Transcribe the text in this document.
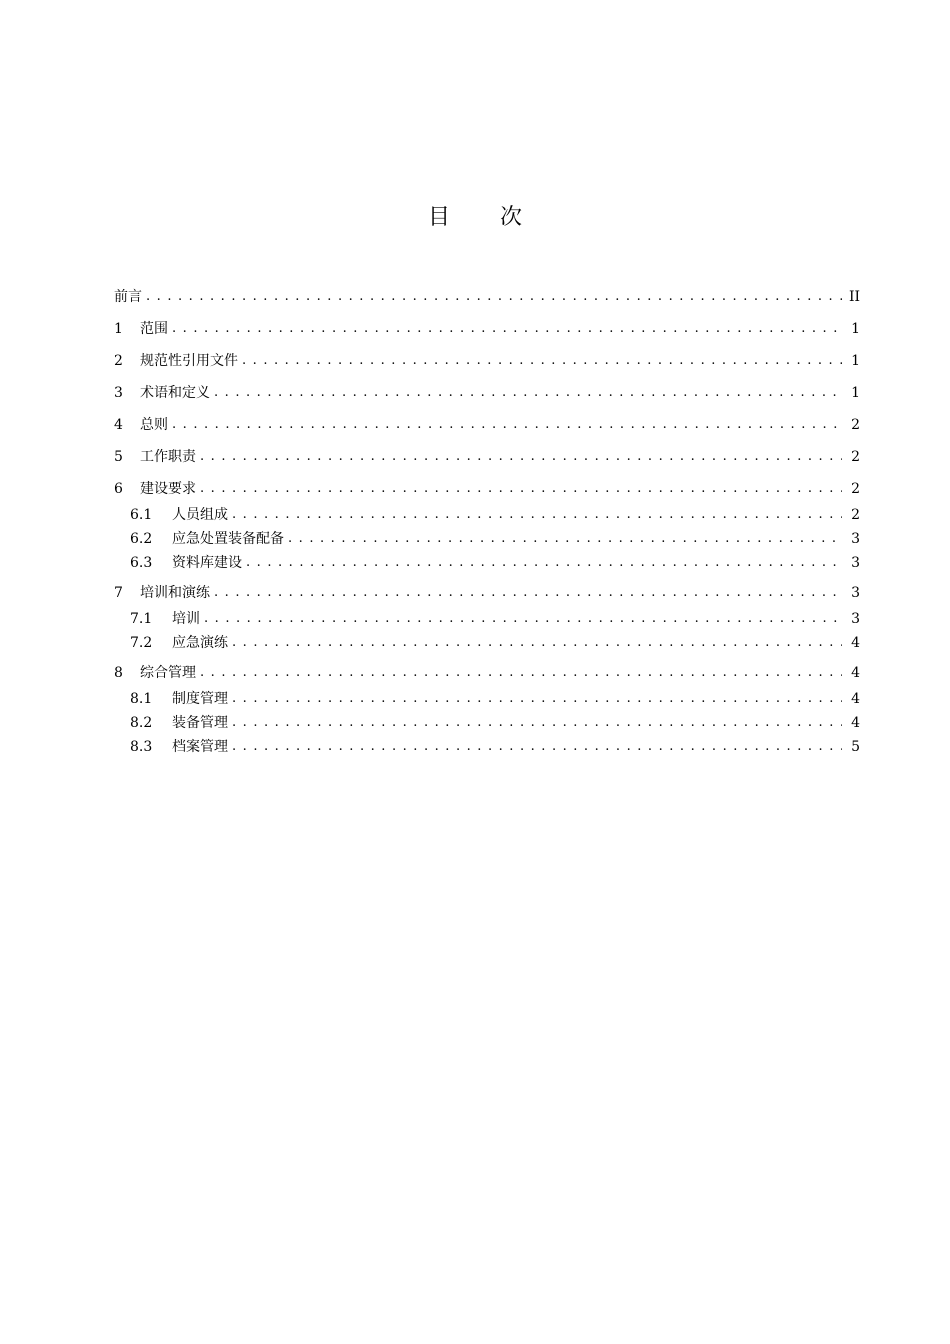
目次
前言 . . .	II
1	范围 . . .	1
2	规范性引用文件 . . .	1
3	术语和定义 . . .	1
4	总则 . . .	2
5	工作职责 . . .	2
6	建设要求 . . .	2
6.1	人员组成 . . .	2
6.2	应急处置装备配备 . . .	3
6.3	资料库建设 . . .	3
7	培训和演练 . . .	3
7.1	培训 . . .	3
7.2	应急演练 . . .	4
8	综合管理 . . .	4
8.1	制度管理 . . .	4
8.2	装备管理 . . .	4
8.3	档案管理 . . .	5
